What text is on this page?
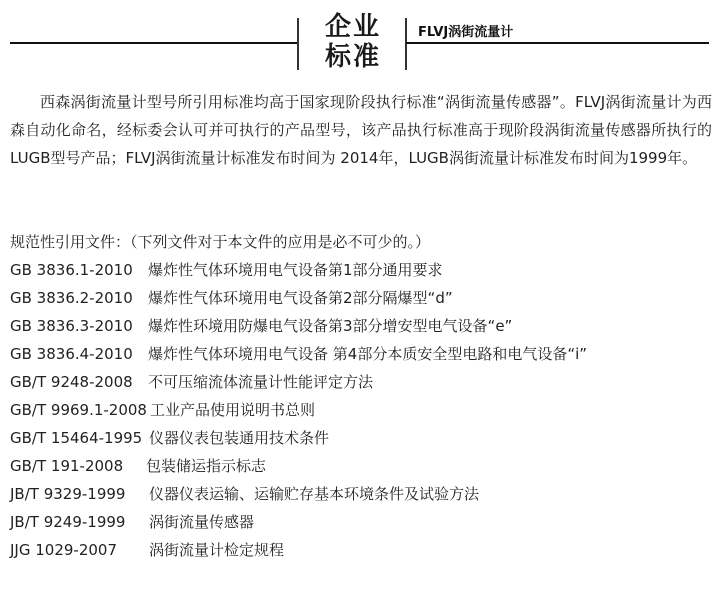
企业
标准
FLVJ涡街流量计
西森涡街流量计型号所引用标准均高于国家现阶段执行标准“涡街流量传感器”。FLVJ涡街流量计为西森自动化命名，经标委会认可并可执行的产品型号，该产品执行标准高于现阶段涡街流量传感器所执行的LUGB型号产品；FLVJ涡街流量计标准发布时间为 2014年，LUGB涡街流量计标准发布时间为1999年。
规范性引用文件：（下列文件对于本文件的应用是必不可少的。）
GB 3836.1-2010 爆炸性气体环境用电气设备第1部分通用要求
GB 3836.2-2010 爆炸性气体环境用电气设备第2部分隔爆型“d”
GB 3836.3-2010 爆炸性环境用防爆电气设备第3部分增安型电气设备“e”
GB 3836.4-2010 爆炸性气体环境用电气设备 第4部分本质安全型电路和电气设备“i”
GB/T 9248-2008 不可压缩流体流量计性能评定方法
GB/T 9969.1-2008 工业产品使用说明书总则
GB/T 15464-1995 仪器仪表包装通用技术条件
GB/T 191-2008 包装储运指示标志
JB/T 9329-1999 仪器仪表运输、运输贮存基本环境条件及试验方法
JB/T 9249-1999 涡街流量传感器
JJG 1029-2007 涡街流量计检定规程
